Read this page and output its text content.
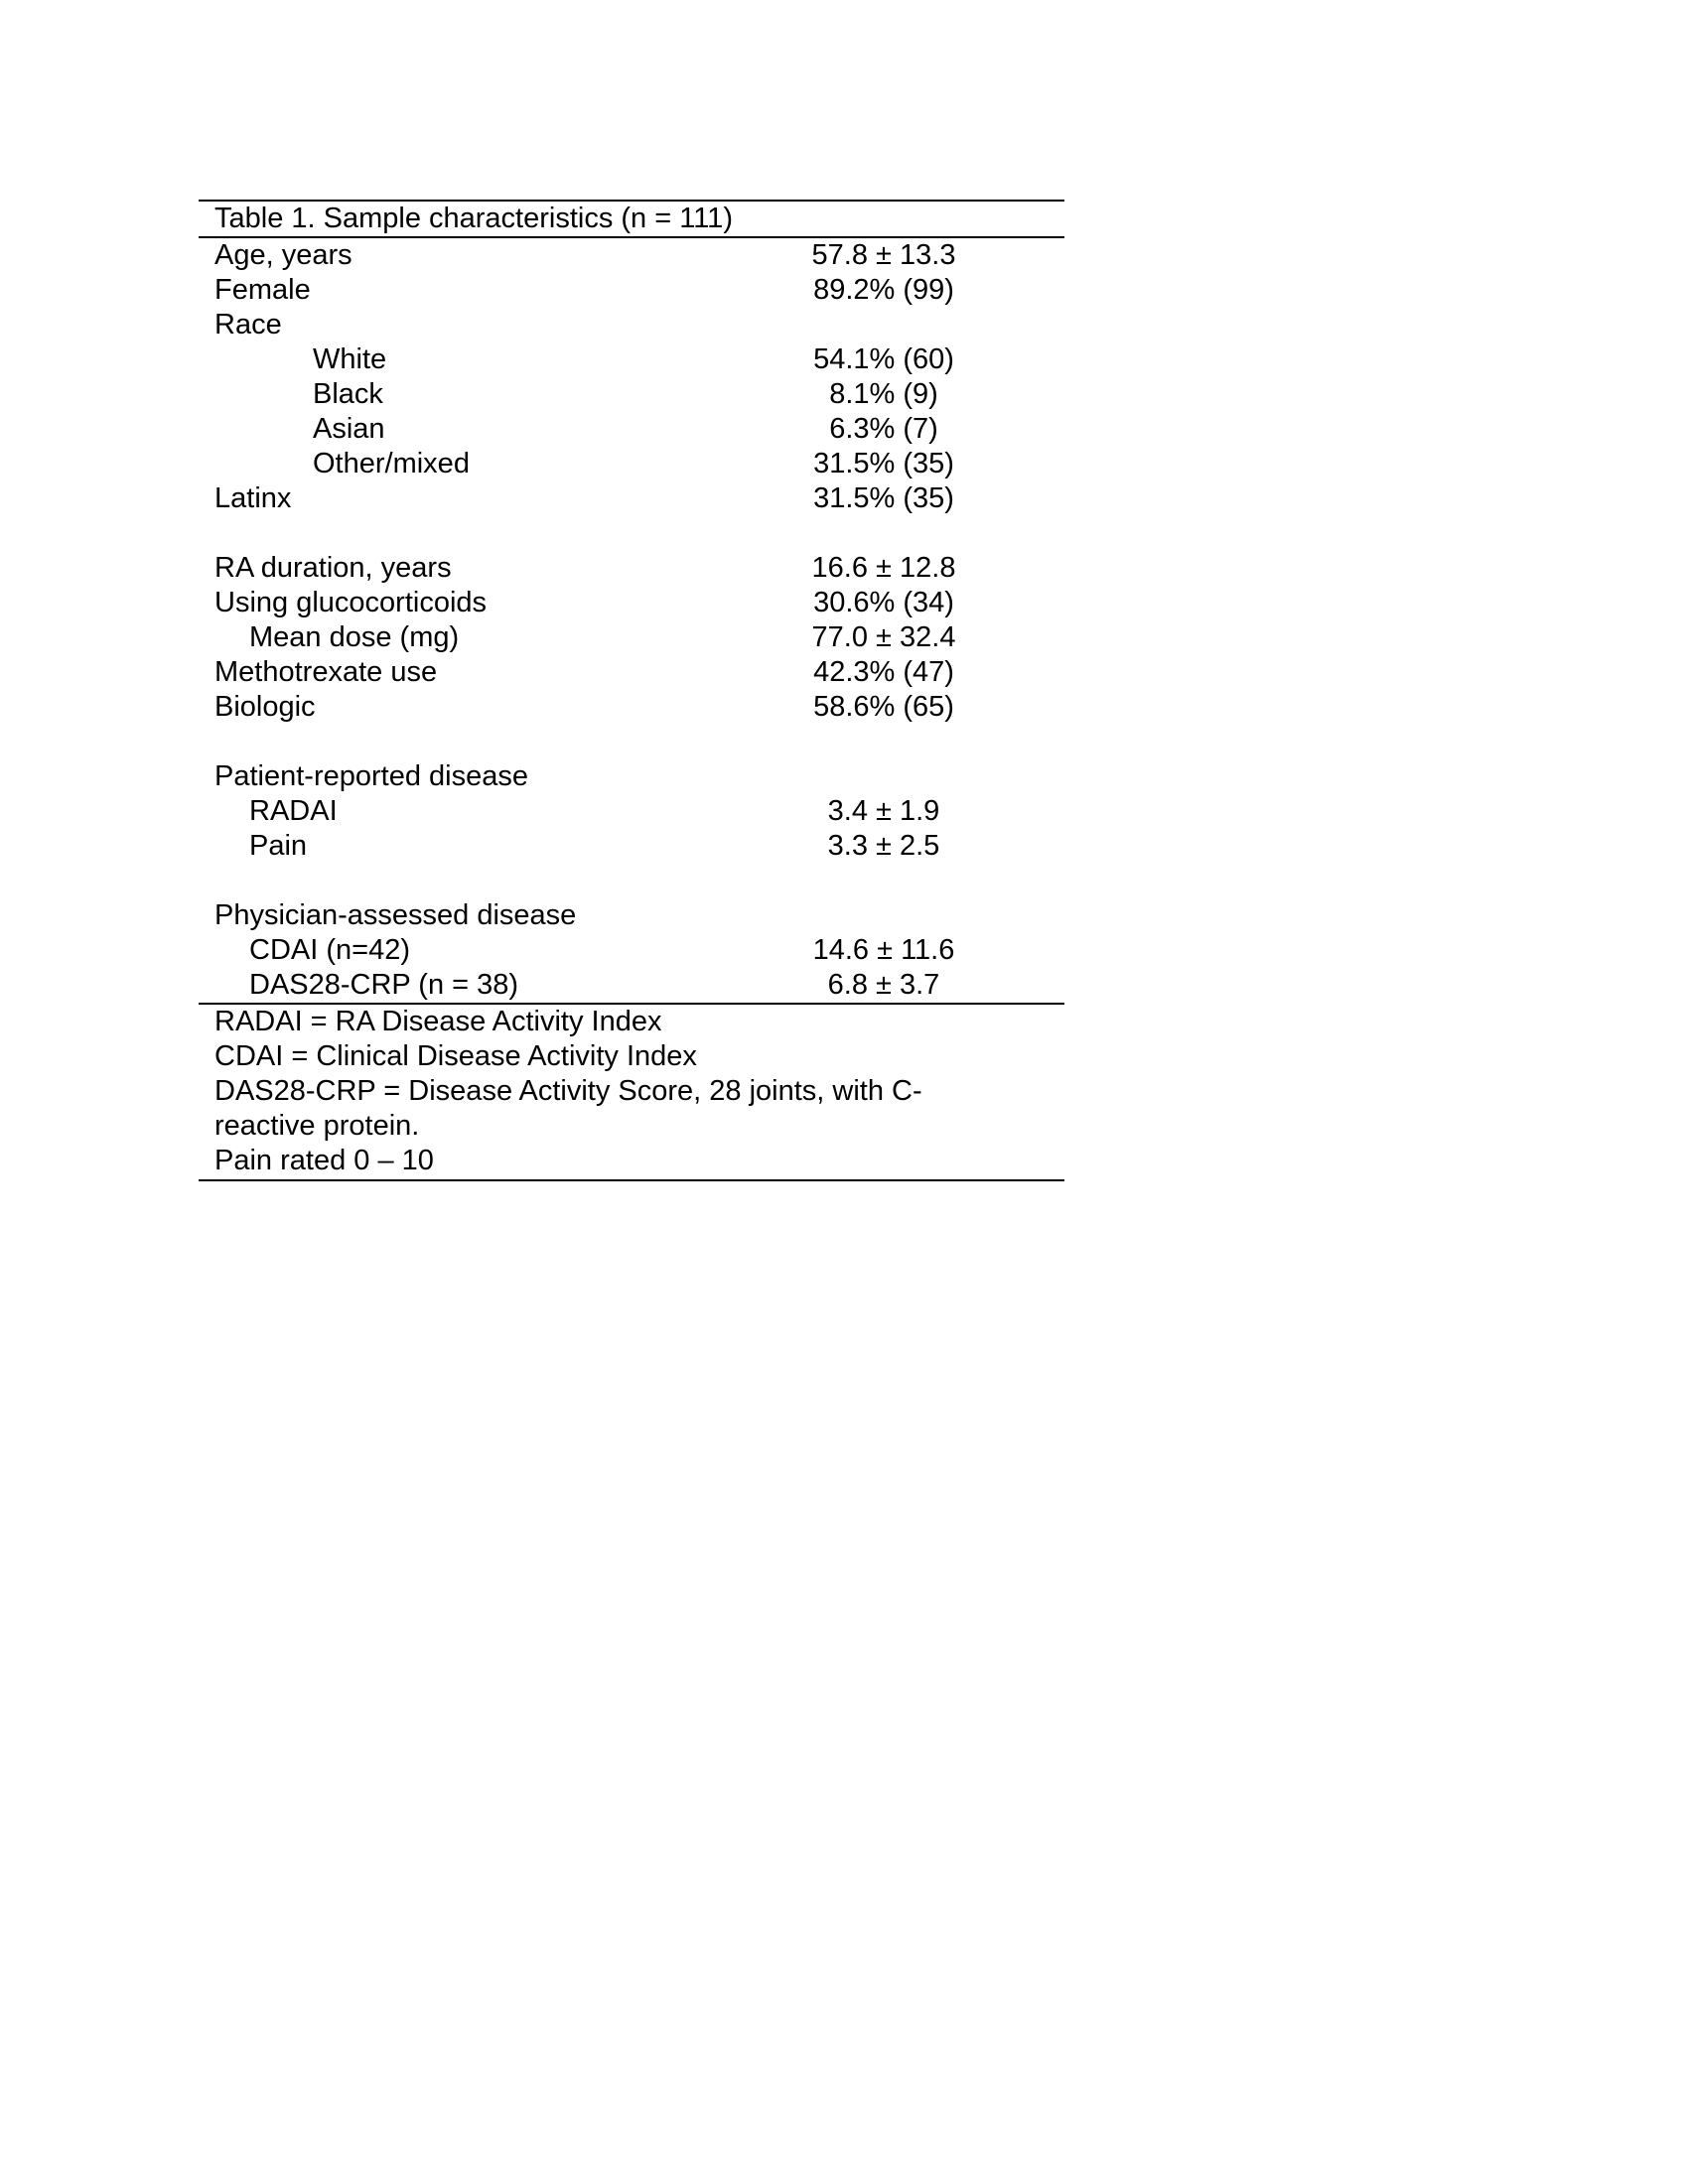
Table 1. Sample characteristics (n = 111)
Age, years	57.8 ± 13.3
Female	89.2% (99)
Race
White	54.1% (60)
Black	8.1% (9)
Asian	6.3% (7)
Other/mixed	31.5% (35)
Latinx	31.5% (35)
RA duration, years	16.6 ± 12.8
Using glucocorticoids	30.6% (34)
Mean dose (mg)	77.0 ± 32.4
Methotrexate use	42.3% (47)
Biologic	58.6% (65)
Patient-reported disease
RADAI	3.4 ± 1.9
Pain	3.3 ± 2.5
Physician-assessed disease
CDAI (n=42)	14.6 ± 11.6
DAS28-CRP (n = 38)	6.8 ± 3.7
RADAI = RA Disease Activity Index
CDAI = Clinical Disease Activity Index
DAS28-CRP = Disease Activity Score, 28 joints, with C-reactive protein.
Pain rated 0 – 10
